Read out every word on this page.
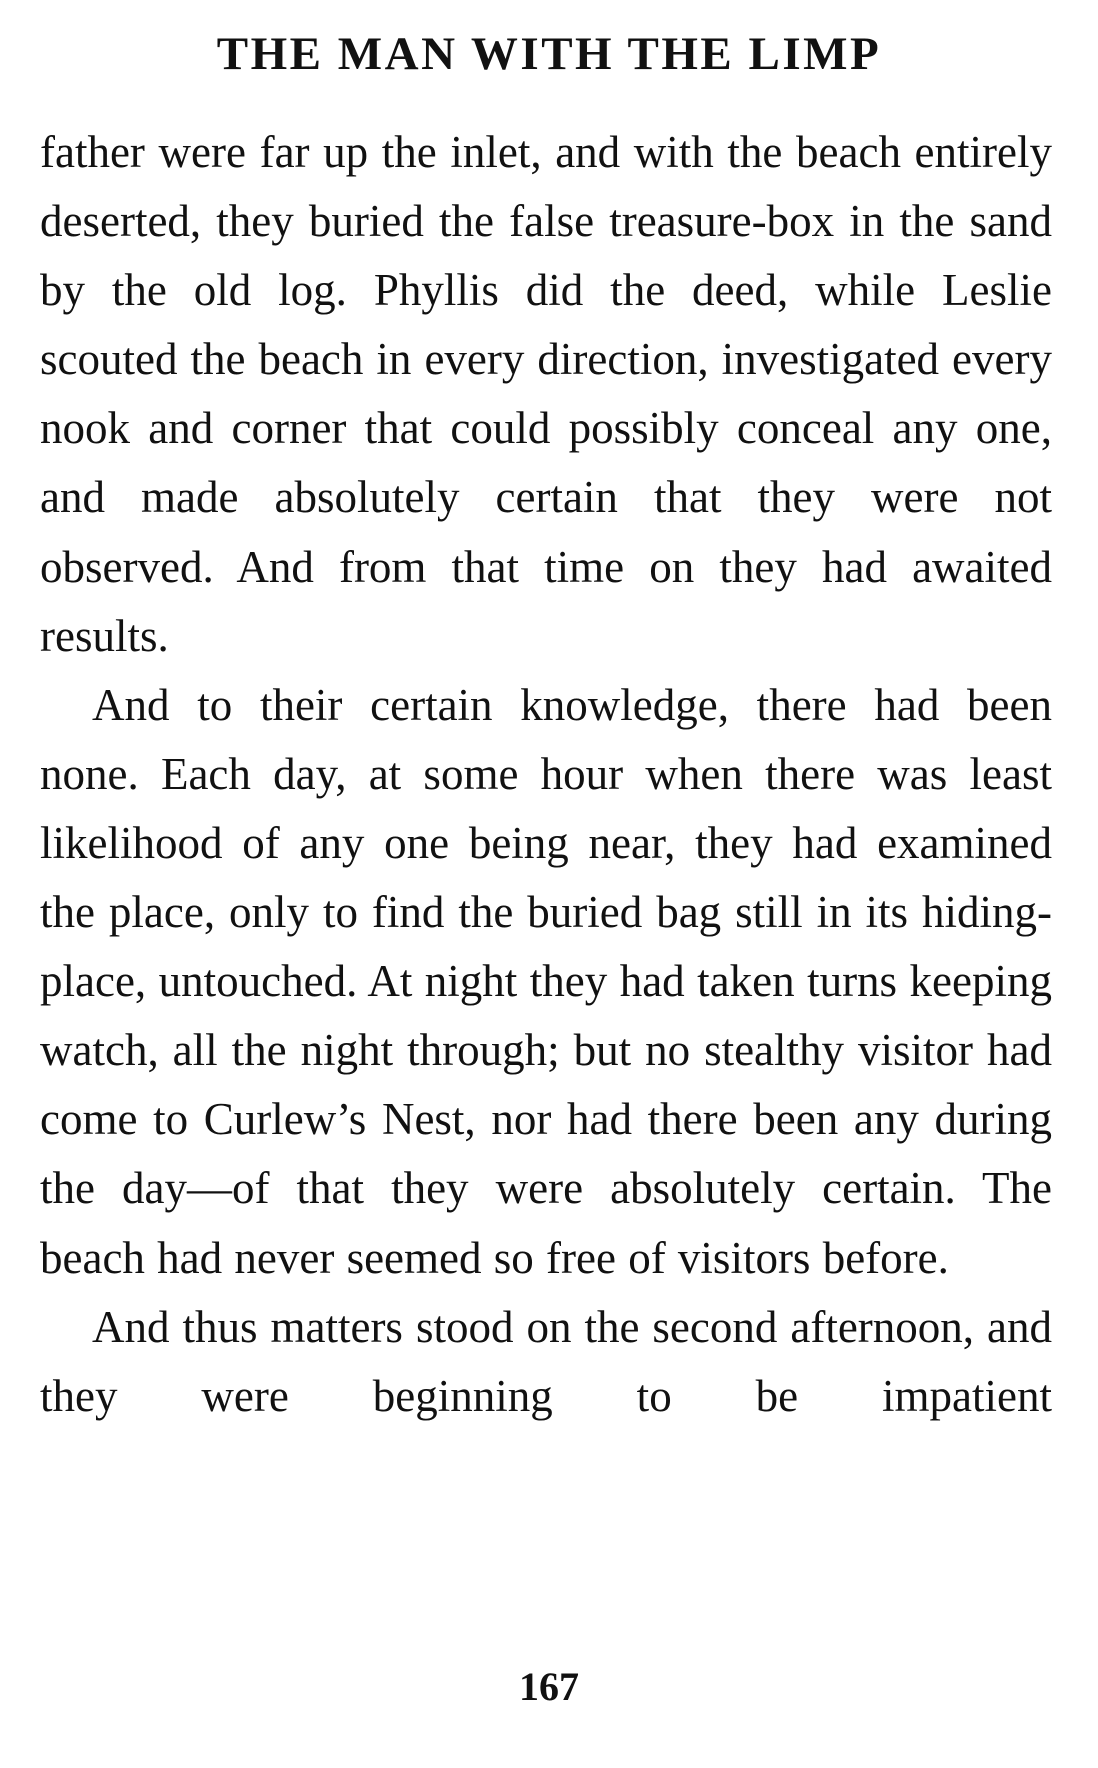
THE MAN WITH THE LIMP

father were far up the inlet, and with the beach entirely deserted, they buried the false treasure-box in the sand by the old log. Phyllis did the deed, while Leslie scouted the beach in every direction, investigated every nook and corner that could possibly conceal any one, and made absolutely certain that they were not observed. And from that time on they had awaited results.

And to their certain knowledge, there had been none. Each day, at some hour when there was least likelihood of any one being near, they had examined the place, only to find the buried bag still in its hiding-place, untouched. At night they had taken turns keeping watch, all the night through; but no stealthy visitor had come to Curlew’s Nest, nor had there been any during the day—of that they were absolutely certain. The beach had never seemed so free of visitors before.

And thus matters stood on the second afternoon, and they were beginning to be impatient

167
